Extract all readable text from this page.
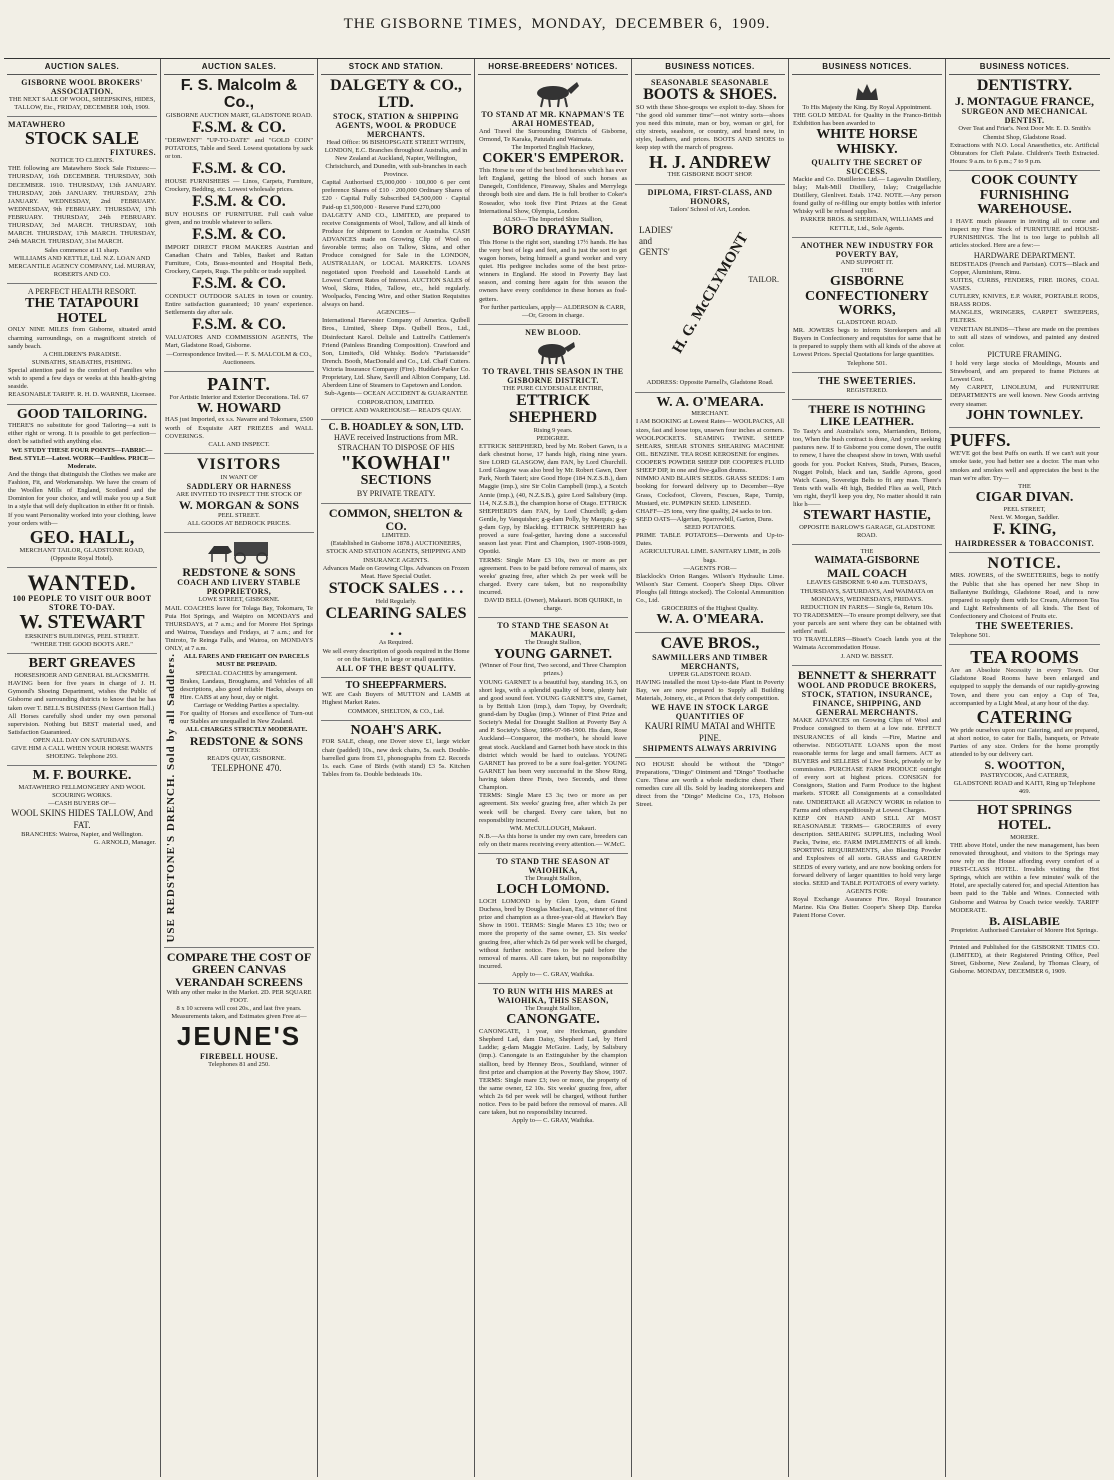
THE GISBORNE TIMES, MONDAY, DECEMBER 6, 1909.
AUCTION SALES.
GISBORNE WOOL BROKERS' ASSOCIATION.
THE NEXT SALE OF WOOL, SHEEPSKINS, HIDES, TALLOW, Etc., FRIDAY, DECEMBER 10th, 1909.
MATAWHERO
STOCK SALE
FIXTURES.
NOTICE TO CLIENTS.
THE following are Matawhero Stock Sale Fixtures:— THURSDAY, 16th DECEMBER. THURSDAY, 30th DECEMBER. 1910. THURSDAY, 13th JANUARY. THURSDAY, 20th JANUARY. THURSDAY, 27th JANUARY. WEDNESDAY, 2nd FEBRUARY. WEDNESDAY, 9th FEBRUARY. THURSDAY, 17th FEBRUARY. THURSDAY, 24th FEBRUARY. THURSDAY, 3rd MARCH. THURSDAY, 10th MARCH. THURSDAY, 17th MARCH. THURSDAY, 24th MARCH. THURSDAY, 31st MARCH.
Sales commence at 11 sharp.
WILLIAMS AND KETTLE, Ltd. N.Z. LOAN AND MERCANTILE AGENCY COMPANY, Ltd. MURRAY, ROBERTS AND CO.
A PERFECT HEALTH RESORT.
THE TATAPOURI HOTEL
ONLY NINE MILES from Gisborne, situated amid charming surroundings, on a magnificent stretch of sandy beach.
A CHILDREN'S PARADISE.
SUNBATHS, SEABATHS, FISHING.
Special attention paid to the comfort of Families who wish to spend a few days or weeks at this health-giving seaside.
REASONABLE TARIFF. R. H. D. WARNER, Licensee.
GOOD TAILORING.
THERE'S no substitute for good Tailoring—a suit is either right or wrong. It is possible to get perfection—don't be satisfied with anything else.
WE STUDY THESE FOUR POINTS—FABRIC—Best. STYLE—Latest. WORK—Faultless. PRICE—Moderate.
And the things that distinguish the Clothes we make are Fashion, Fit, and Workmanship. We have the cream of the Woollen Mills of England, Scotland and the Dominion for your choice, and will make you up a Suit in a style that will defy duplication in either fit or finish.
If you want Personality worked into your clothing, leave your orders with—
GEO. HALL,
MERCHANT TAILOR, GLADSTONE ROAD, (Opposite Royal Hotel).
WANTED.
100 PEOPLE TO VISIT OUR BOOT STORE TO-DAY.
W. STEWART
ERSKINE'S BUILDINGS, PEEL STREET.
"WHERE THE GOOD BOOTS ARE."
BERT GREAVES
HORSESHOER AND GENERAL BLACKSMITH.
HAVING been for five years in charge of J. H. Gymond's Shoeing Department, wishes the Public of Gisborne and surrounding districts to know that he has taken over T. BELL'S BUSINESS (Next Garrison Hall.)
All Horses carefully shod under my own personal supervision. Nothing but BEST material used, and Satisfaction Guaranteed.
OPEN ALL DAY ON SATURDAYS.
GIVE HIM A CALL WHEN YOUR HORSE WANTS SHOEING. Telephone 293.
M. F. BOURKE.
MATAWHERO FELLMONGERY AND WOOL SCOURING WORKS.
—CASH BUYERS OF—
WOOL SKINS HIDES TALLOW, And FAT.
BRANCHES: Wairoa, Napier, and Wellington.
G. ARNOLD, Manager.
AUCTION SALES.
F. S. Malcolm & Co.,
GISBORNE AUCTION MART, GLADSTONE ROAD.
F.S.M. & CO.
"DERWENT" "UP-TO-DATE" and "GOLD COIN" POTATOES, Table and Seed. Lowest quotations by sack or ton.
F.S.M. & CO.
HOUSE FURNISHERS — Linos, Carpets, Furniture, Crockery, Bedding, etc. Lowest wholesale prices.
F.S.M. & CO.
BUY HOUSES OF FURNITURE. Full cash value given, and no trouble whatever to sellers.
F.S.M. & CO.
IMPORT DIRECT FROM MAKERS Austrian and Canadian Chairs and Tables, Basket and Rattan Furniture, Cots, Brass-mounted and Hospital Beds, Crockery, Carpets, Rugs. The public or trade supplied.
F.S.M. & CO.
CONDUCT OUTDOOR SALES in town or country. Entire satisfaction guaranteed; 10 years' experience. Settlements day after sale.
F.S.M. & CO.
VALUATORS AND COMMISSION AGENTS, The Mart, Gladstone Road, Gisborne.
—Correspondence Invited.— F. S. MALCOLM & CO., Auctioneers.
PAINT.
For Artistic Interior and Exterior Decorations. Tel. 67
W. HOWARD
HAS just Imported, ex s.s. Navarre and Tokomaru, £500 worth of Exquisite ART FRIEZES and WALL COVERINGS.
CALL AND INSPECT.
VISITORS
IN WANT OF
SADDLERY OR HARNESS
ARE INVITED TO INSPECT THE STOCK OF
W. MORGAN & SONS
PEEL STREET.
ALL GOODS AT BEDROCK PRICES.
REDSTONE & SONS
COACH AND LIVERY STABLE PROPRIETORS,
LOWE STREET, GISBORNE.
MAIL COACHES leave for Tolaga Bay, Tokomaru, Te Puia Hot Springs, and Waipiro on MONDAYS and THURSDAYS, at 7 a.m.; and for Morere Hot Springs and Wairoa, Tuesdays and Fridays, at 7 a.m.; and for Tiniroto, Te Reinga Falls, and Wairoa, on MONDAYS ONLY, at 7 a.m.
USE REDSTONE'S DRENCH. Sold by all Saddlers.	ALL FARES AND FREIGHT ON PARCELS MUST BE PREPAID.
SPECIAL COACHES by arrangement.
Brakes, Landaus, Broughams, and Vehicles of all descriptions, also good reliable Hacks, always on Hire. CABS at any hour, day or night.
Carriage or Wedding Parties a speciality.
For quality of Horses and excellence of Turn-out our Stables are unequalled in New Zealand.
ALL CHARGES STRICTLY MODERATE.
REDSTONE & SONS
OFFICES:
READ'S QUAY, GISBORNE.
TELEPHONE 470.
COMPARE THE COST OF GREEN CANVAS VERANDAH SCREENS
With any other make in the Market. 2D. PER SQUARE FOOT.
8 x 10 screens will cost 20s., and last five years.
Measurements taken, and Estimates given Free at—
JEUNE'S
FIREBELL HOUSE.
Telephones 81 and 250.
STOCK AND STATION.
DALGETY & CO., LTD.
STOCK, STATION & SHIPPING AGENTS, WOOL & PRODUCE MERCHANTS.
Head Office: 96 BISHOPSGATE STREET WITHIN, LONDON, E.C. Branches throughout Australia, and in New Zealand at Auckland, Napier, Wellington, Christchurch, and Dunedin, with sub-branches in each Province.
Capital Authorised £5,000,000 · 100,000 6 per cent preference Shares of £10 · 200,000 Ordinary Shares of £20 · Capital Fully Subscribed £4,500,000 · Capital Paid-up £1,500,000 · Reserve Fund £270,000
DALGETY AND CO., LIMITED, are prepared to receive Consignments of Wool, Tallow, and all kinds of Produce for shipment to London or Australia. CASH ADVANCES made on Growing Clip of Wool on favorable terms; also on Tallow, Skins, and other Produce consigned for Sale in the LONDON, AUSTRALIAN, or LOCAL MARKETS. LOANS negotiated upon Freehold and Leasehold Lands at Lowest Current Rates of Interest. AUCTION SALES of Wool, Skins, Hides, Tallow, etc., held regularly. Woolpacks, Fencing Wire, and other Station Requisites always on hand.
AGENCIES—
International Harvester Company of America. Quibell Bros., Limited, Sheep Dips. Quibell Bros., Ltd., Disinfectant Karol. Delisle and Luttrell's Cattlemen's Friend (Painless Branding Composition). Crawford and Son, Limited's, Old Whisky. Bodo's "Paristaeside" Drench. Booth, MacDonald and Co., Ltd. Chaff Cutters. Victoria Insurance Company (Fire). Huddart-Parker Co. Proprietary, Ltd. Shaw, Savill and Albion Company, Ltd. Aberdeen Line of Steamers to Capetown and London.
Sub-Agents— OCEAN ACCIDENT & GUARANTEE CORPORATION, LIMITED.
OFFICE AND WAREHOUSE— READ'S QUAY.
C. B. HOADLEY & SON, LTD.
HAVE received Instructions from MR. STRACHAN TO DISPOSE OF HIS
"KOWHAI"
SECTIONS
BY PRIVATE TREATY.
COMMON, SHELTON & CO.
LIMITED.
(Established in Gisborne 1878.) AUCTIONEERS, STOCK AND STATION AGENTS, SHIPPING AND INSURANCE AGENTS.
Advances Made on Growing Clips. Advances on Frozen Meat. Have Special Outlet.
STOCK SALES . . .
Held Regularly.
CLEARING SALES . .
As Required.
We sell every description of goods required in the Home or on the Station, in large or small quantities.
ALL OF THE BEST QUALITY.
TO SHEEPFARMERS.
WE are Cash Buyers of MUTTON and LAMB at Highest Market Rates.
COMMON, SHELTON, & CO., Ltd.
NOAH'S ARK.
FOR SALE, cheap, one Dover stove £1, large wicker chair (padded) 10s., new deck chairs, 5s. each. Double-barrelled guns from £1, phonographs from £2. Records 1s. each. Case of Birds (with stand) £3 5s. Kitchen Tables from 6s. Double bedsteads 10s.
HORSE-BREEDERS' NOTICES.
TO STAND AT MR. KNAPMAN'S TE ARAI HOMESTEAD,
And Travel the Surrounding Districts of Gisborne, Ormond, Te Karaka, Patutahi and Waimata.
The Imported English Hackney,
COKER'S EMPEROR.
This Horse is one of the best bred horses which has ever left England, getting the blood of such horses as Danegelt, Confidence, Fireaway, Shales and Merrylegs through both sire and dam. He is full brother to Coker's Roseador, who took five First Prizes at the Great International Show, Olympia, London.
ALSO— The Imported Shire Stallion,
BORO DRAYMAN.
This Horse is the right sort, standing 17½ hands. He has the very best of legs and feet, and is just the sort to get wagon horses, being himself a grand worker and very quiet. His pedigree includes some of the best prize-winners in England. He stood in Poverty Bay last season, and coming here again for this season the owners have every confidence in these horses as foal-getters.
For further particulars, apply— ALDERSON & CARR, —Or, Groom in charge.
NEW BLOOD.
TO TRAVEL THIS SEASON IN THE GISBORNE DISTRICT.
THE PURE CLYDESDALE ENTIRE,
ETTRICK SHEPHERD
Rising 9 years.
PEDIGREE.
ETTRICK SHEPHERD, bred by Mr. Robert Gawn, is a dark chestnut horse, 17 hands high, rising nine years. Sire LORD GLASGOW, dam FAN, by Lord Churchill. Lord Glasgow was also bred by Mr. Robert Gawn, Deer Park, North Taieri; sire Good Hope (184 N.Z.S.B.), dam Maggie (imp.), sire Sir Colin Campbell (imp.), a Scotch Annie (imp.), (40, N.Z.S.B.), gsire Lord Salisbury (imp. 114, N.Z.S.B.), the champion horse of Otago. ETTRICK SHEPHERD'S dam FAN, by Lord Churchill; g-dam Gentle, by Vanquisher; g-g-dam Polly, by Marquis; g-g-g-dam Gyp, by Blacklug. ETTRICK SHEPHERD has proved a sure foal-getter, having done a successful season last year. First and Champion, 1907-1908-1909, Opotiki.
TERMS: Single Mare £3 10s, two or more as per agreement. Fees to be paid before removal of mares, six weeks' grazing free, after which 2s per week will be charged. Every care taken, but no responsibility incurred.
DAVID BELL (Owner), Makauri. BOB QUIRKE, in charge.
TO STAND THE SEASON At MAKAURI,
The Draught Stallion,
YOUNG GARNET.
(Winner of Four first, Two second, and Three Champion prizes.)
YOUNG GARNET is a beautiful bay, standing 16.3, on short legs, with a splendid quality of bone, plenty hair and good sound feet. YOUNG GARNET'S sire, Garnet, is by British Lion (imp.), dam Topsy, by Overdraft; grand-dam by Duglas (imp.). Winner of First Prize and Society's Medal for Draught Stallion at Poverty Bay A and P. Society's Show, 1896-97-98-1900. His dam, Rose Auckland—Conqueror, the mother's, he should leave great stock. Auckland and Garnet both have stock in this district which would be hard to outclass. YOUNG GARNET has proved to be a sure foal-getter. YOUNG GARNET has been very successful in the Show Ring, having taken three Firsts, two Seconds, and three Champion.
TERMS: Single Mare £3 3s; two or more as per agreement. Six weeks' grazing free, after which 2s per week will be charged. Every care taken, but no responsibility incurred.
WM. McCULLOUGH, Makauri.
N.B.—As this horse is under my own care, breeders can rely on their mares receiving every attention.— W.McC.
TO STAND THE SEASON AT WAIOHIKA,
The Draught Stallion,
LOCH LOMOND.
LOCH LOMOND is by Glen Lyon, dam Grand Duchess, bred by Douglas Maclean, Esq., winner of first prize and champion as a three-year-old at Hawke's Bay Show in 1901. TERMS: Single Mares £3 10s; two or more the property of the same owner, £3. Six weeks' grazing free, after which 2s 6d per week will be charged, without further notice. Fees to be paid before the removal of mares. All care taken, but no responsibility incurred.
Apply to— C. GRAY, Waihika.
TO RUN WITH HIS MARES at WAIOHIKA, THIS SEASON,
The Draught Stallion,
CANONGATE.
CANONGATE, 1 year, sire Heckman, grandsire Shepherd Lad, dam Daisy, Shepherd Lad, by Herd Laddie; g-dam Maggie McGuire. Lady, by Salisbury (imp.). Canongate is an Extinguisher by the champion stallion, bred by Henney Bros., Southland, winner of first prize and champion at the Poverty Bay Show, 1907. TERMS: Single mare £3; two or more, the property of the same owner, £2 10s. Six weeks' grazing free, after which 2s 6d per week will be charged, without further notice. Fees to be paid before the removal of mares. All care taken, but no responsibility incurred.
Apply to— C. GRAY, Waihika.
BUSINESS NOTICES.
SEASONABLE SEASONABLE
BOOTS & SHOES.
SO with these Shoe-groups we exploit to-day. Shoes for "the good old summer time"—not wintry sorts—shoes you need this minute, man or boy, woman or girl, for city streets, seashore, or country, and brand new, in styles, leathers, and prices. BOOTS AND SHOES to keep step with the march of progress.
H. J. ANDREW
THE GISBORNE BOOT SHOP.
DIPLOMA, FIRST-CLASS, AND HONORS,
Tailors' School of Art, London.
LADIES' and GENTS' H. G. McCLYMONT
TAILOR.
ADDRESS: Opposite Parnell's, Gladstone Road.
W. A. O'MEARA.
MERCHANT.
I AM BOOKING at Lowest Rates— WOOLPACKS, All sizes, fast and loose tops, unsewn four inches at corners. WOOLPOCKETS. SEAMING TWINE. SHEEP SHEARS, SHEAR STONES SHEARING MACHINE OIL. BENZINE. TEA ROSE KEROSENE for engines.
COOPER'S POWDER SHEEP DIP. COOPER'S FLUID SHEEP DIP, in one and five-gallon drums.
NIMMO AND BLAIR'S SEEDS. GRASS SEEDS: I am booking for forward delivery up to December—Rye Grass, Cocksfoot, Clovers, Fescues, Rape, Turnip, Mustard, etc. PUMPKIN SEED. LINSEED.
CHAFF—25 tons, very fine quality, 24 sacks to ton.
SEED OATS—Algerian, Sparrowbill, Garton, Duns.
SEED POTATOES.
PRIME TABLE POTATOES—Derwents and Up-to-Dates.
AGRICULTURAL LIME. SANITARY LIME, in 20lb bags.
—AGENTS FOR—
Blacklock's Orion Ranges. Wilson's Hydraulic Lime. Wilson's Star Cement. Cooper's Sheep Dips. Oliver Ploughs (all fittings stocked). The Colonial Ammunition Co., Ltd.
GROCERIES of the Highest Quality.
W. A. O'MEARA.
CAVE BROS.,
SAWMILLERS AND TIMBER MERCHANTS,
UPPER GLADSTONE ROAD.
HAVING installed the most Up-to-date Plant in Poverty Bay, we are now prepared to Supply all Building Materials, Joinery, etc., at Prices that defy competition.
WE HAVE IN STOCK LARGE QUANTITIES OF
KAURI RIMU MATAI and WHITE PINE.
SHIPMENTS ALWAYS ARRIVING
NO HOUSE should be without the "Dingo" Preparations, "Dingo" Ointment and "Dingo" Toothache Cure. These are worth a whole medicine chest. Their remedies cure all ills. Sold by leading storekeepers and direct from the "Dingo" Medicine Co., 173, Hobson Street.
BUSINESS NOTICES.
To His Majesty the King. By Royal Appointment.
THE GOLD MEDAL for Quality in the Franco-British Exhibition has been awarded to
WHITE HORSE WHISKY.
QUALITY THE SECRET OF SUCCESS.
Mackie and Co. Distilleries Ltd.— Lagavulin Distillery, Islay; Malt-Mill Distillery, Islay; Craigellachie Distillery, Glenlivet. Estab. 1742. NOTE.—Any person found guilty of re-filling our empty bottles with inferior Whisky will be refused supplies.
PARKER BROS. & SHERIDAN, WILLIAMS and KETTLE, Ltd., Sole Agents.
ANOTHER NEW INDUSTRY FOR POVERTY BAY,
AND SUPPORT IT.
THE
GISBORNE CONFECTIONERY WORKS,
GLADSTONE ROAD.
MR. JOWERS begs to inform Storekeepers and all Buyers in Confectionery and requisites for same that he is prepared to supply them with all kinds of the above at Lowest Prices. Special Quotations for large quantities.
Telephone 501.
THE SWEETERIES.
REGISTERED.
THERE IS NOTHING LIKE LEATHER.
To Tasty's and Australia's sons, Marrianders, Britons, too, When the bush contract is done, And you're seeking pastures new. If to Gisborne you come down, The outfit to renew, I have the cheapest show in town, With useful goods for you. Pocket Knives, Studs, Purses, Braces, Nugget Polish, black and tan, Saddle Aprons, good Watch Cases, Sovereign Belts to fit any man. There's Tents with walls 4ft high, Bedded Flies as well, Pitch 'em right, they'll keep you dry, No matter should it rain like h——
STEWART HASTIE,
OPPOSITE BARLOW'S GARAGE, GLADSTONE ROAD.
THE
WAIMATA-GISBORNE
MAIL COACH
LEAVES GISBORNE 9.40 a.m. TUESDAYS, THURSDAYS, SATURDAYS, And WAIMATA on MONDAYS, WEDNESDAYS, FRIDAYS.
REDUCTION IN FARES— Single 6s, Return 10s.
TO TRADESMEN—To ensure prompt delivery, see that your parcels are sent where they can be obtained with settlers' mail.
TO TRAVELLERS—Bisset's Coach lands you at the Waimata Accommodation House.
J. AND W. BISSET.
BENNETT & SHERRATT
WOOL AND PRODUCE BROKERS, STOCK, STATION, INSURANCE, FINANCE, SHIPPING, AND GENERAL MERCHANTS.
MAKE ADVANCES on Growing Clips of Wool and Produce consigned to them at a low rate. EFFECT INSURANCES of all kinds —Fire, Marine and otherwise. NEGOTIATE LOANS upon the most reasonable terms for large and small farmers. ACT as BUYERS and SELLERS of Live Stock, privately or by commission. PURCHASE FARM PRODUCE outright of every sort at highest prices. CONSIGN for Consignors, Station and Farm Produce to the highest markets. STORE all Consignments at a consolidated rate. UNDERTAKE all AGENCY WORK in relation to Farms and others expeditiously at Lowest Charges.
KEEP ON HAND AND SELL AT MOST REASONABLE TERMS— GROCERIES of every description. SHEARING SUPPLIES, including Wool Packs, Twine, etc. FARM IMPLEMENTS of all kinds. SPORTING REQUIREMENTS, also Blasting Powder and Explosives of all sorts. GRASS and GARDEN SEEDS of every variety, and are now booking orders for forward delivery of larger quantities to hold very large stocks. SEED and TABLE POTATOES of every variety.
AGENTS FOR:
Royal Exchange Assurance Fire. Royal Insurance Marine. Kia Ora Butter. Cooper's Sheep Dip. Eureka Patent Horse Cover.
BUSINESS NOTICES.
DENTISTRY.
J. MONTAGUE FRANCE,
SURGEON AND MECHANICAL DENTIST.
Over Teat and Friar's. Next Door Mr. E. D. Smith's Chemist Shop, Gladstone Road.
Extractions with N.O. Local Anaesthetics, etc. Artificial Obturators for Cleft Palate. Children's Teeth Extracted. Hours: 9 a.m. to 6 p.m.; 7 to 9 p.m.
COOK COUNTY FURNISHING WAREHOUSE.
I HAVE much pleasure in inviting all to come and inspect my Fine Stock of FURNITURE and HOUSE-FURNISHINGS. The list is too large to publish all articles stocked. Here are a few:—
HARDWARE DEPARTMENT.
BEDSTEADS (French and Parisian). COTS—Black and Copper, Aluminium, Rimu.
SUITES, CURBS, FENDERS, FIRE IRONS, COAL VASES.
CUTLERY, KNIVES, E.P. WARE, PORTABLE RODS, BRASS RODS.
MANGLES, WRINGERS, CARPET SWEEPERS, FILTERS.
VENETIAN BLINDS—These are made on the premises to suit all sizes of windows, and painted any desired color.
PICTURE FRAMING.
I hold very large stocks of Mouldings, Mounts and Strawboard, and am prepared to frame Pictures at Lowest Cost.
My CARPET, LINOLEUM, and FURNITURE DEPARTMENTS are well known. New Goods arriving every steamer.
JOHN TOWNLEY.
PUFFS.
WE'VE got the best Puffs on earth. If we can't suit your smoke taste, you had better see a doctor. The man who smokes and smokes well and appreciates the best is the man we're after. Try—
THE
CIGAR DIVAN.
PEEL STREET,
Next. W. Morgan, Saddler.
F. KING,
HAIRDRESSER & TOBACCONIST.
NOTICE.
MRS. JOWERS, of the SWEETERIES, begs to notify the Public that she has opened her new Shop in Ballantyne Buildings, Gladstone Road, and is now prepared to supply them with Ice Cream, Afternoon Tea and Light Refreshments of all kinds. The Best of Confectionery and Choicest of Fruits etc.
THE SWEETERIES.
Telephone 501.
TEA ROOMS
Are an Absolute Necessity in every Town. Our Gladstone Road Rooms have been enlarged and equipped to supply the demands of our rapidly-growing Town, and there you can enjoy a Cup of Tea, accompanied by a Light Meal, at any hour of the day.
CATERING
We pride ourselves upon our Catering, and are prepared, at short notice, to cater for Balls, banquets, or Private Parties of any size. Orders for the home promptly attended to by our delivery cart.
S. WOOTTON,
PASTRYCOOK, And CATERER,
GLADSTONE ROAD and KAITI, Ring up Telephone 469.
HOT SPRINGS HOTEL.
MORERE.
THE above Hotel, under the new management, has been renovated throughout, and visitors to the Springs may now rely on the House affording every comfort of a FIRST-CLASS HOTEL. Invalids visiting the Hot Springs, which are within a few minutes' walk of the Hotel, are specially catered for, and special Attention has been paid to the Table and Wines. Connected with Gisborne and Wairoa by Coach twice weekly. TARIFF MODERATE.
B. AISLABIE
Proprietor. Authorised Caretaker of Morere Hot Springs.
Printed and Published for the GISBORNE TIMES CO. (LIMITED), at their Registered Printing Office, Peel Street, Gisborne, New Zealand, by Thomas Cleary, of Gisborne. MONDAY, DECEMBER 6, 1909.
